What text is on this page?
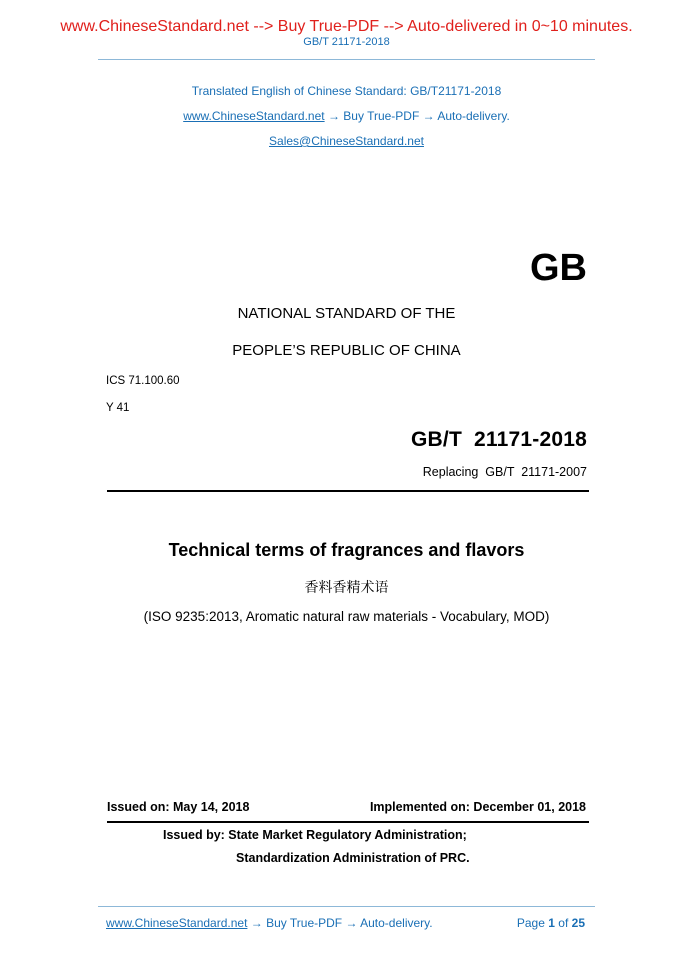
www.ChineseStandard.net --> Buy True-PDF --> Auto-delivered in 0~10 minutes.
GB/T 21171-2018
Translated English of Chinese Standard: GB/T21171-2018
www.ChineseStandard.net → Buy True-PDF → Auto-delivery.
Sales@ChineseStandard.net
GB
NATIONAL STANDARD OF THE
PEOPLE’S REPUBLIC OF CHINA
ICS 71.100.60
Y 41
GB/T  21171-2018
Replacing  GB/T  21171-2007
Technical terms of fragrances and flavors
香料香精术语
(ISO 9235:2013, Aromatic natural raw materials - Vocabulary, MOD)
Issued on: May 14, 2018	Implemented on: December 01, 2018
Issued by: State Market Regulatory Administration;
Standardization Administration of PRC.
www.ChineseStandard.net → Buy True-PDF → Auto-delivery.	Page 1 of 25
